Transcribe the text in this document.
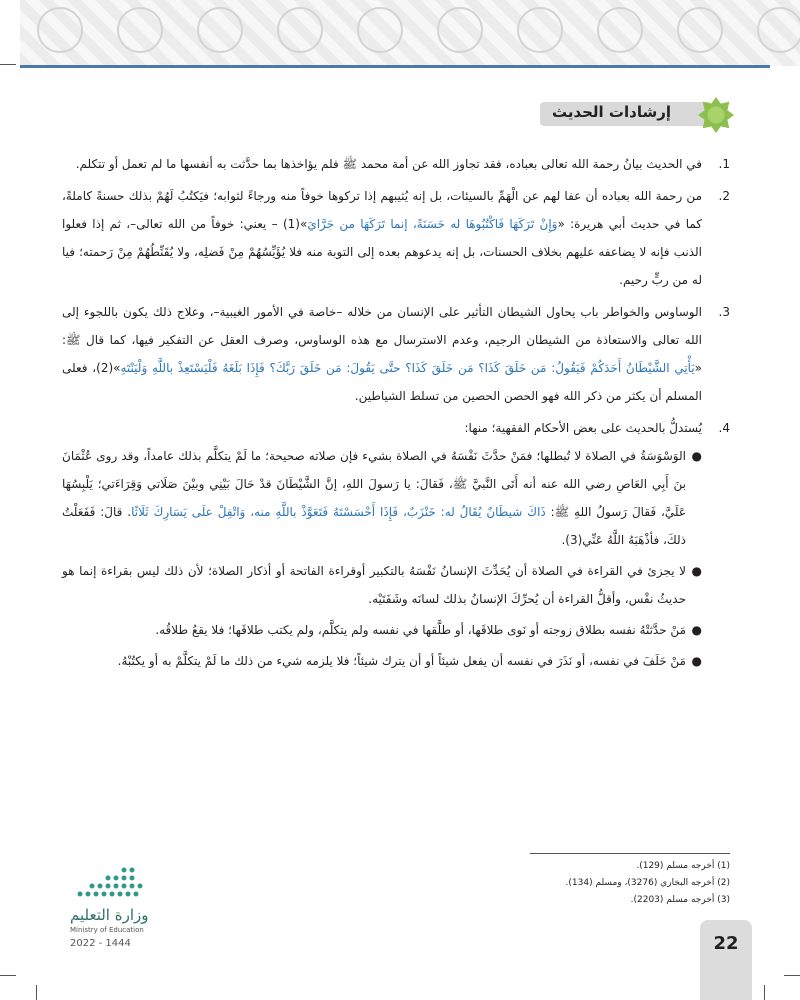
إرشادات الحديث
.1
في الحديث بيانُ رحمة الله تعالى بعباده، فقد تجاوز الله عن أمة محمد ﷺ فلم يؤاخذها بما حدَّثت به أنفسها ما لم تعمل أو تتكلم.
.2
من رحمة الله بعباده أن عفا لهم عن الْهَمِّ بالسيئات، بل إنه يُثيبهم إذا تركوها خوفاً منه ورجاءً لثوابه؛ فيَكتُبُ لَهُمْ بذلك حسنةً كاملةً، كما في حديث أبي هريرة: «وَإِنْ تَرَكَهَا فَاكْتُبُوهَا له حَسَنَةً، إنما تَرَكَهَا من جَرَّايَ»(1) – يعني: خوفاً من الله تعالى–، ثم إذا فعلوا الذنب فإنه لا يضاعفه عليهم بخلاف الحسنات، بل إنه يدعوهم بعده إلى التوبة منه فلا يُؤَيِّسُهُمْ مِنْ فَضلِه، ولا يُقَنِّطُهُمْ مِنْ رَحمته؛ فيا له من ربٍّ رحيم.
.3
الوساوس والخواطر باب يحاول الشيطان التأثير على الإنسان من خلاله –خاصة في الأمور الغيبية–، وعلاج ذلك يكون باللجوء إلى الله تعالى والاستعاذة من الشيطان الرجيم، وعدم الاسترسال مع هذه الوساوس، وصرف العقل عن التفكير فيها، كما قال ﷺ: «يَأْتِي الشَّيْطَانُ أَحَدَكُمْ فَيَقُولُ: مَن خَلَقَ كَذَا؟ مَن خَلَقَ كَذَا؟ حتَّى يَقُولَ: مَن خَلَقَ رَبَّكَ؟ فَإِذَا بَلَغَهُ فَلْيَسْتَعِذْ باللَّهِ وَلْيَنْتَهِ»(2)، فعلى المسلم أن يكثر من ذكر الله فهو الحصن الحصين من تسلط الشياطين.
.4
يُستدلُّ بالحديث على بعض الأحكام الفقهية؛ منها:
●
الوَسْوَسَةُ في الصلاة لا تُبطلها؛ فمَنْ حدَّثَ نَفْسَهُ في الصلاة بشيء فإن صلاته صحيحة؛ ما لَمْ يتكلَّم بذلك عامداً، وقد روى عُثْمَانَ بنَ أَبِي العَاصِ رضي الله عنه أنه أَتَى النَّبيَّ ﷺ، فَقالَ: يا رَسولَ اللهِ، إنَّ الشَّيْطَانَ قدْ حَالَ بَيْنِي وبيْنَ صَلَاتي وَقِرَاءَتي؛ يَلْبِسُهَا عَلَيَّ، فَقالَ رَسولُ اللهِ ﷺ: ذَاكَ شيطَانٌ يُقَالُ له: خَنْزَبٌ، فَإِذَا أَحْسَسْتَهُ فَتَعَوَّذْ باللَّهِ منه، وَاتْفِلْ علَى يَسَارِكَ ثَلَاثًا. قالَ: فَفَعَلْتُ ذلكَ، فأذْهَبَهُ اللَّهُ عَنِّي(3).
●
لا يجزئ في القراءة في الصلاة أن يُحَدِّثَ الإنسانُ نَفْسَهُ بالتكبير أوقراءة الفاتحة أو أذكار الصلاة؛ لأن ذلك ليس بقراءة إنما هو حديثُ نفْس، وأقلُّ القراءة أن يُحرِّكَ الإنسانُ بذلك لسانَه وشَفَتَيْه.
●
مَنْ حدَّثتْهُ نفسه بطلاق زوجته أو نَوى طلاقَها، أو طلَّقها في نفسه ولم يتكلَّم، ولم يكتب طلاقَها؛ فلا يقعُ طلاقُه.
●
مَنْ حَلَفَ في نفسه، أو نَذَرَ في نفسه أن يفعل شيئاً أو أن يترك شيئاً؛ فلا يلزمه شيء من ذلك ما لَمْ يتكلَّمْ به أو يكتُبْهُ.
(1) أخرجه مسلم (129).
(2) أخرجه البخاري (3276)، ومسلم (134).
(3) أخرجه مسلم (2203).
وزارة التعليم
Ministry of Education
2022 - 1444	22
